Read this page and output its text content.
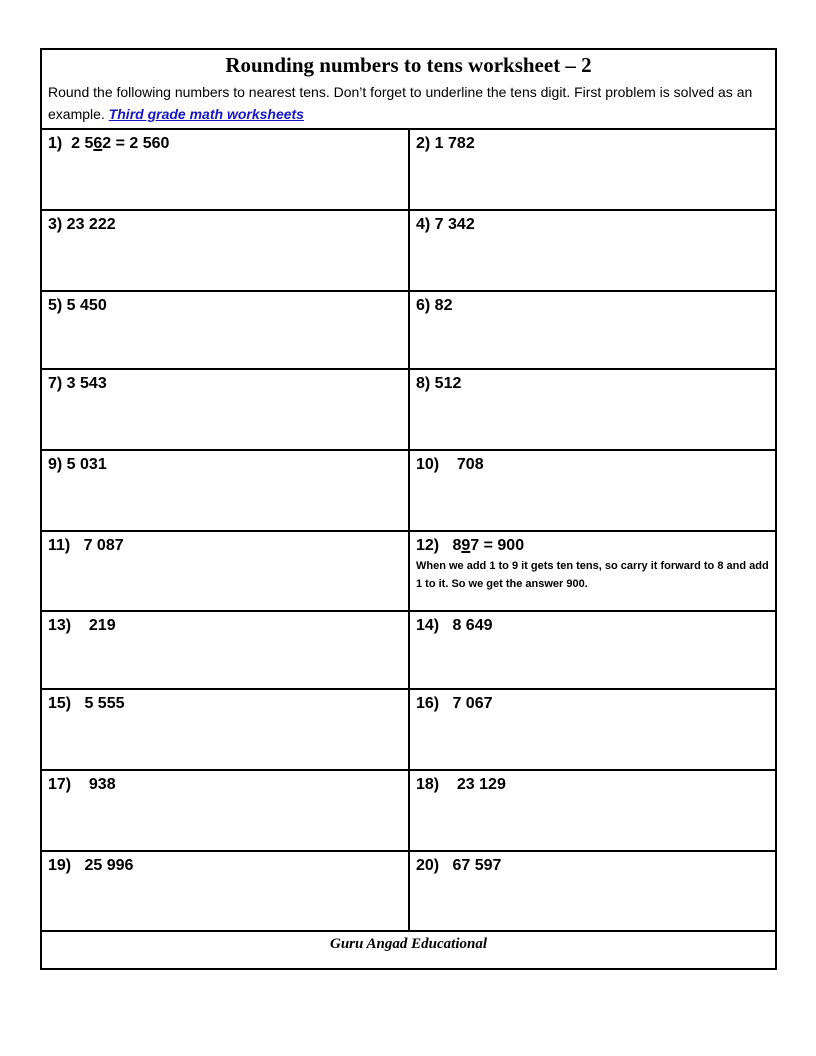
Rounding numbers to tens worksheet – 2
Round the following numbers to nearest tens. Don’t forget to underline the tens digit. First problem is solved as an example. Third grade math worksheets
1)  2 562 = 2 560	2) 1 782
3) 23 222	4) 7 342
5) 5 450	6) 82
7) 3 543	8) 512
9) 5 031	10) 708
11)   7 087	12)   897 = 900
When we add 1 to 9 it gets ten tens, so carry it forward to 8 and add 1 to it. So we get the answer 900.
13)    219	14)   8 649
15)   5 555	16)   7 067
17)    938	18)    23 129
19)   25 996	20)   67 597
Guru Angad Educational
